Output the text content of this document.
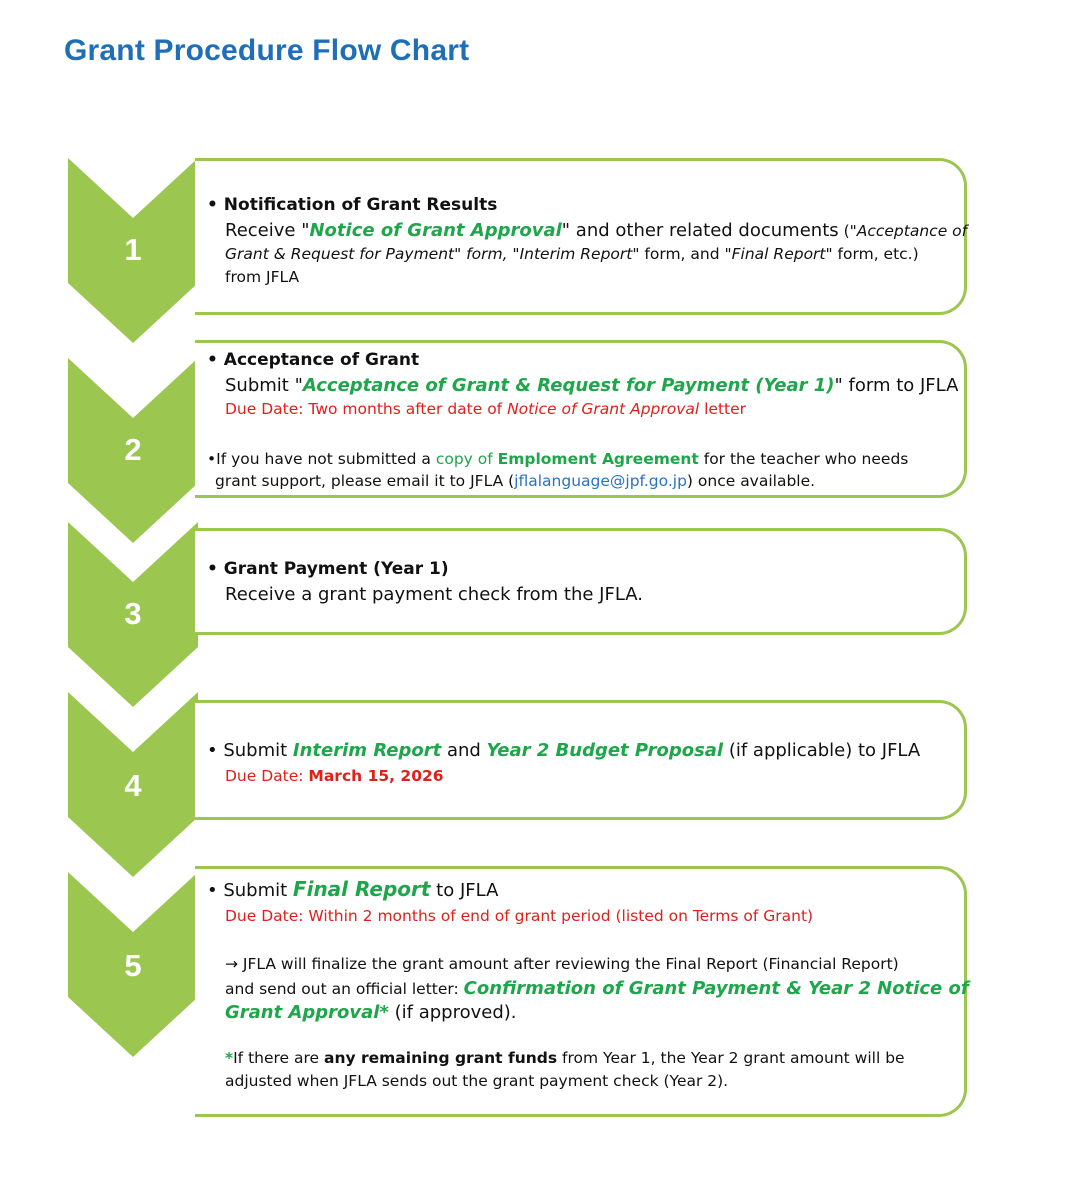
Grant Procedure Flow Chart
1
• Notification of Grant Results
Receive "Notice of Grant Approval" and other related documents ("Acceptance of
Grant & Request for Payment" form, "Interim Report" form, and "Final Report" form, etc.)
from JFLA
2
• Acceptance of Grant
Submit "Acceptance of Grant & Request for Payment (Year 1)" form to JFLA
Due Date: Two months after date of Notice of Grant Approval letter
•If you have not submitted a copy of Emploment Agreement for the teacher who needs
grant support, please email it to JFLA (jflalanguage@jpf.go.jp) once available.
3
• Grant Payment (Year 1)
Receive a grant payment check from the JFLA.
4
• Submit Interim Report and Year 2 Budget Proposal (if applicable) to JFLA
Due Date: March 15, 2026
5
• Submit Final Report to JFLA
Due Date: Within 2 months of end of grant period (listed on Terms of Grant)
→ JFLA will finalize the grant amount after reviewing the Final Report (Financial Report)
and send out an official letter: Confirmation of Grant Payment & Year 2 Notice of
Grant Approval* (if approved).
*If there are any remaining grant funds from Year 1, the Year 2 grant amount will be
adjusted when JFLA sends out the grant payment check (Year 2).
